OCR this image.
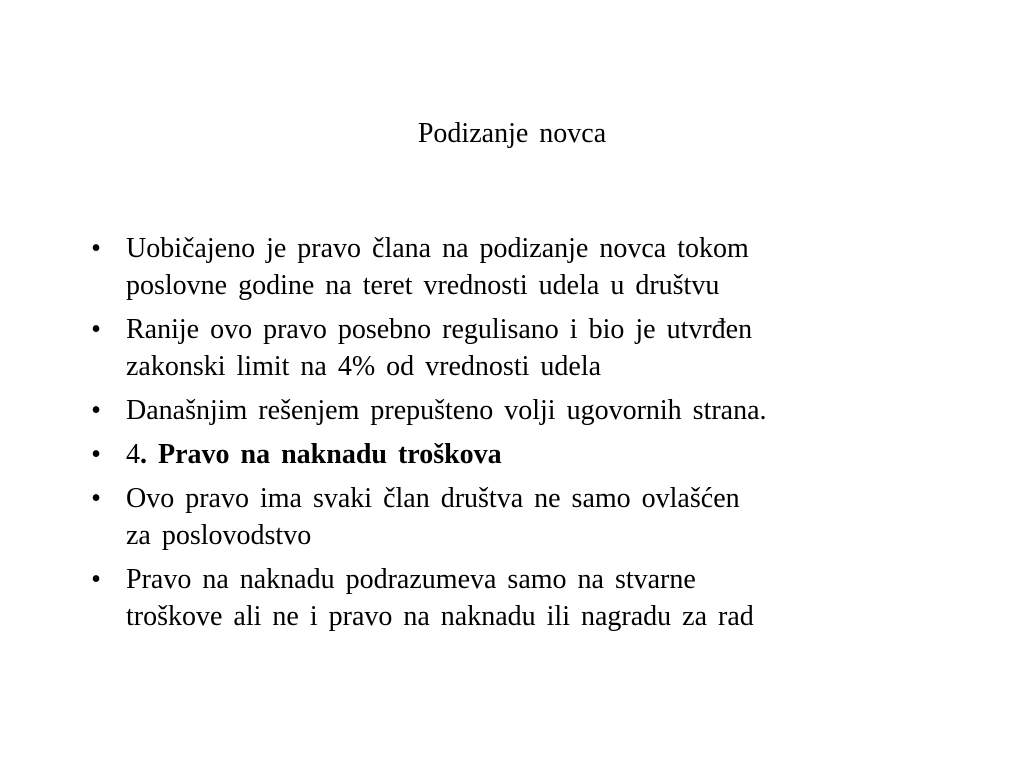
Podizanje novca
• Uobičajeno je pravo člana na podizanje novca tokom
poslovne godine na teret vrednosti udela u društvu
• Ranije ovo pravo posebno regulisano i bio je utvrđen
zakonski limit na 4% od vrednosti udela
• Današnjim rešenjem prepušteno volji ugovornih strana.
• 4. Pravo na naknadu troškova
• Ovo pravo ima svaki član društva ne samo ovlašćen
za poslovodstvo
• Pravo na naknadu podrazumeva samo na stvarne
troškove ali ne i pravo na naknadu ili nagradu za rad
